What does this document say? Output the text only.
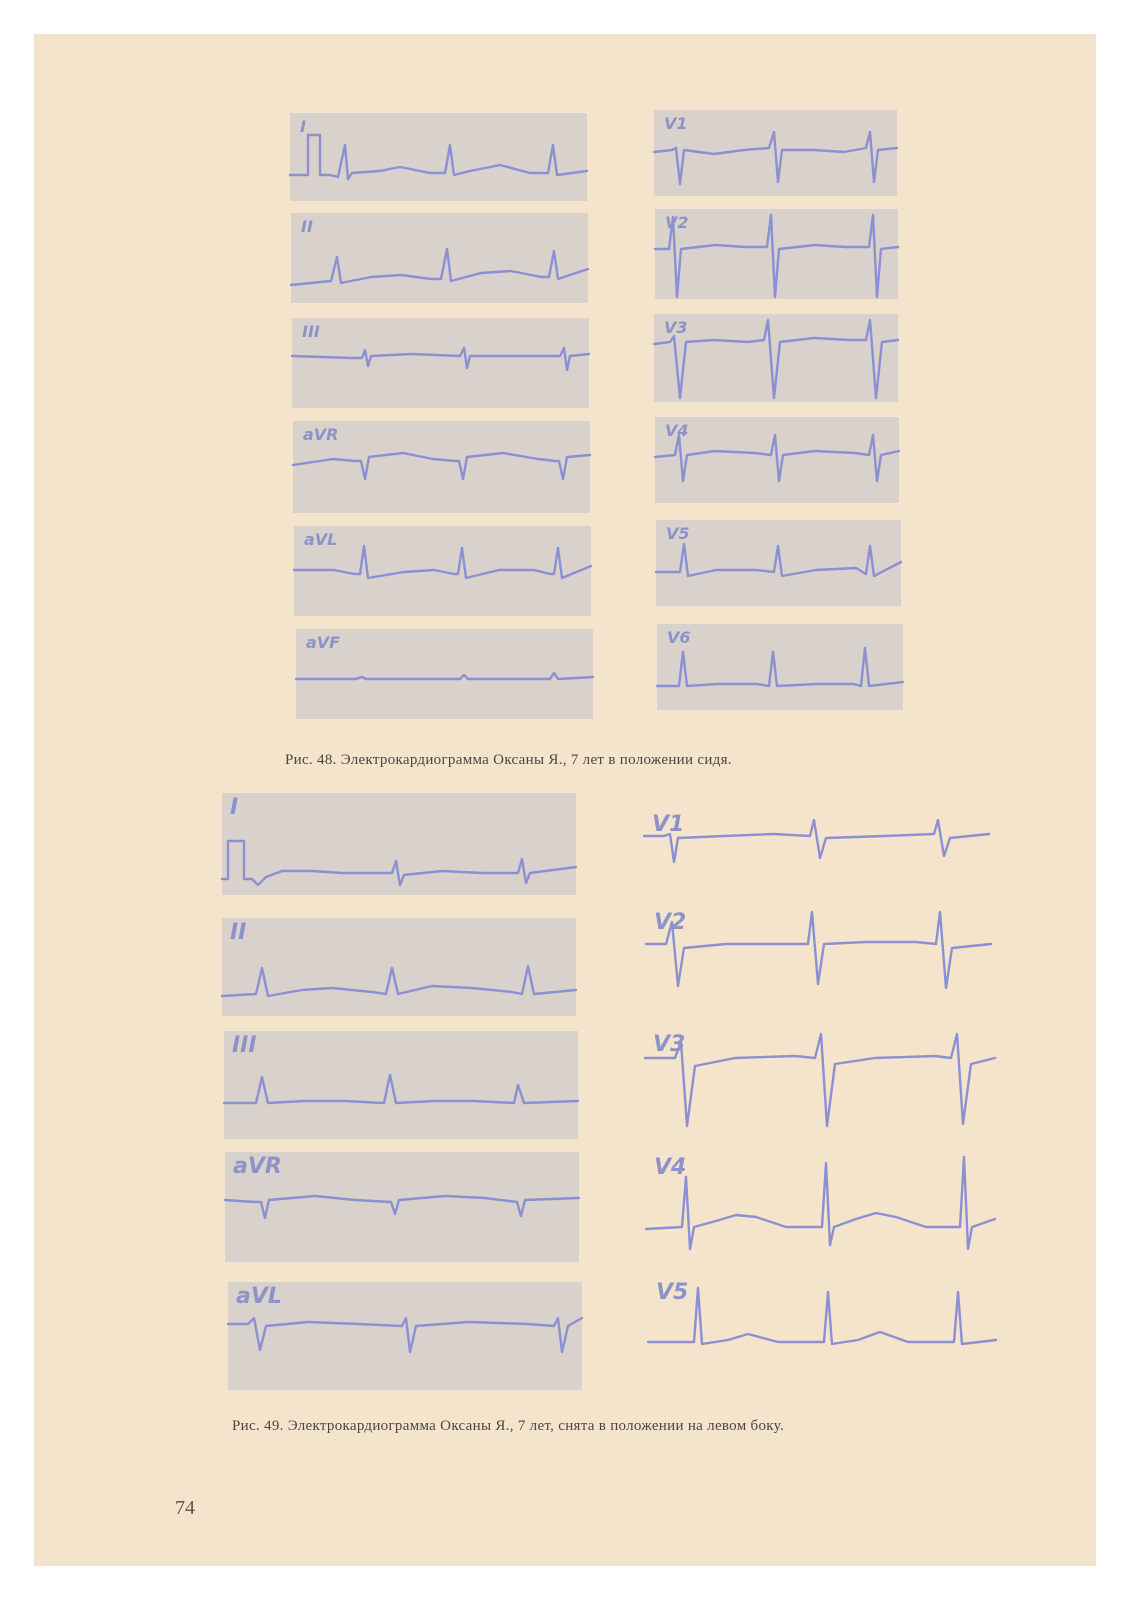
I
II
III
aVR
aVL
aVF
V1
V2
V3
V4
V5
V6
Рис. 48. Электрокардиограмма Оксаны Я., 7 лет в положении сидя.
I
II
III
aVR
aVL
V1
V2
V3
V4
V5
Рис. 49. Электрокардиограмма Оксаны Я., 7 лет, снята в положении на левом боку.
74
